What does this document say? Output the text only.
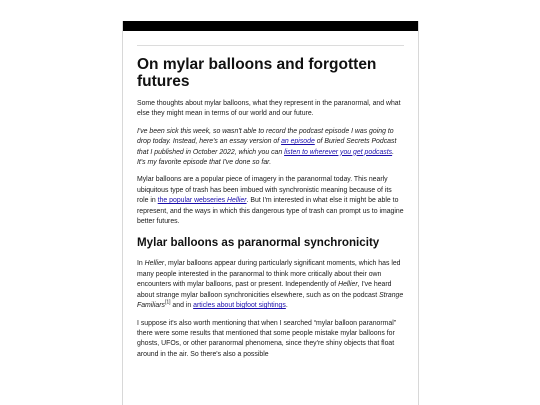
On mylar balloons and forgotten futures

Some thoughts about mylar balloons, what they represent in the paranormal, and what else they might mean in terms of our world and our future.

I've been sick this week, so wasn't able to record the podcast episode I was going to drop today. Instead, here's an essay version of an episode of Buried Secrets Podcast that I published in October 2022, which you can listen to wherever you get podcasts. It's my favorite episode that I've done so far.

Mylar balloons are a popular piece of imagery in the paranormal today. This nearly ubiquitous type of trash has been imbued with synchronistic meaning because of its role in the popular webseries Hellier. But I'm interested in what else it might be able to represent, and the ways in which this dangerous type of trash can prompt us to imagine better futures.

Mylar balloons as paranormal synchronicity

In Hellier, mylar balloons appear during particularly significant moments, which has led many people interested in the paranormal to think more critically about their own encounters with mylar balloons, past or present. Independently of Hellier, I've heard about strange mylar balloon synchronicities elsewhere, such as on the podcast Strange Familiars[1] and in articles about bigfoot sightings.

I suppose it's also worth mentioning that when I searched “mylar balloon paranormal” there were some results that mentioned that some people mistake mylar balloons for ghosts, UFOs, or other paranormal phenomena, since they're shiny objects that float around in the air. So there's also a possible
